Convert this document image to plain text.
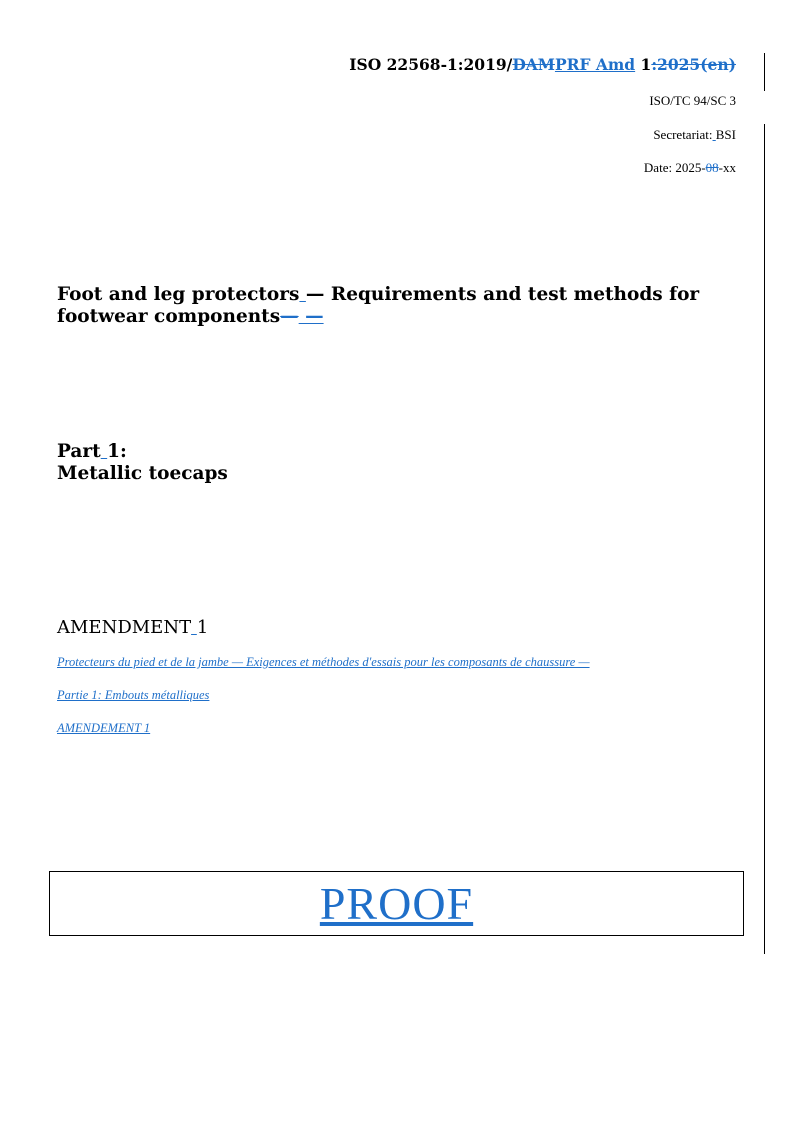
ISO 22568-1:2019/DAMPRF Amd 1:2025(en)
ISO/TC 94/SC 3
Secretariat: BSI
Date: 2025-08-xx
Foot and leg protectors — Requirements and test methods for
footwear components— —
Part 1:
Metallic toecaps
AMENDMENT 1
Protecteurs du pied et de la jambe — Exigences et méthodes d'essais pour les composants de chaussure —
Partie 1: Embouts métalliques
AMENDEMENT 1
PROOF
